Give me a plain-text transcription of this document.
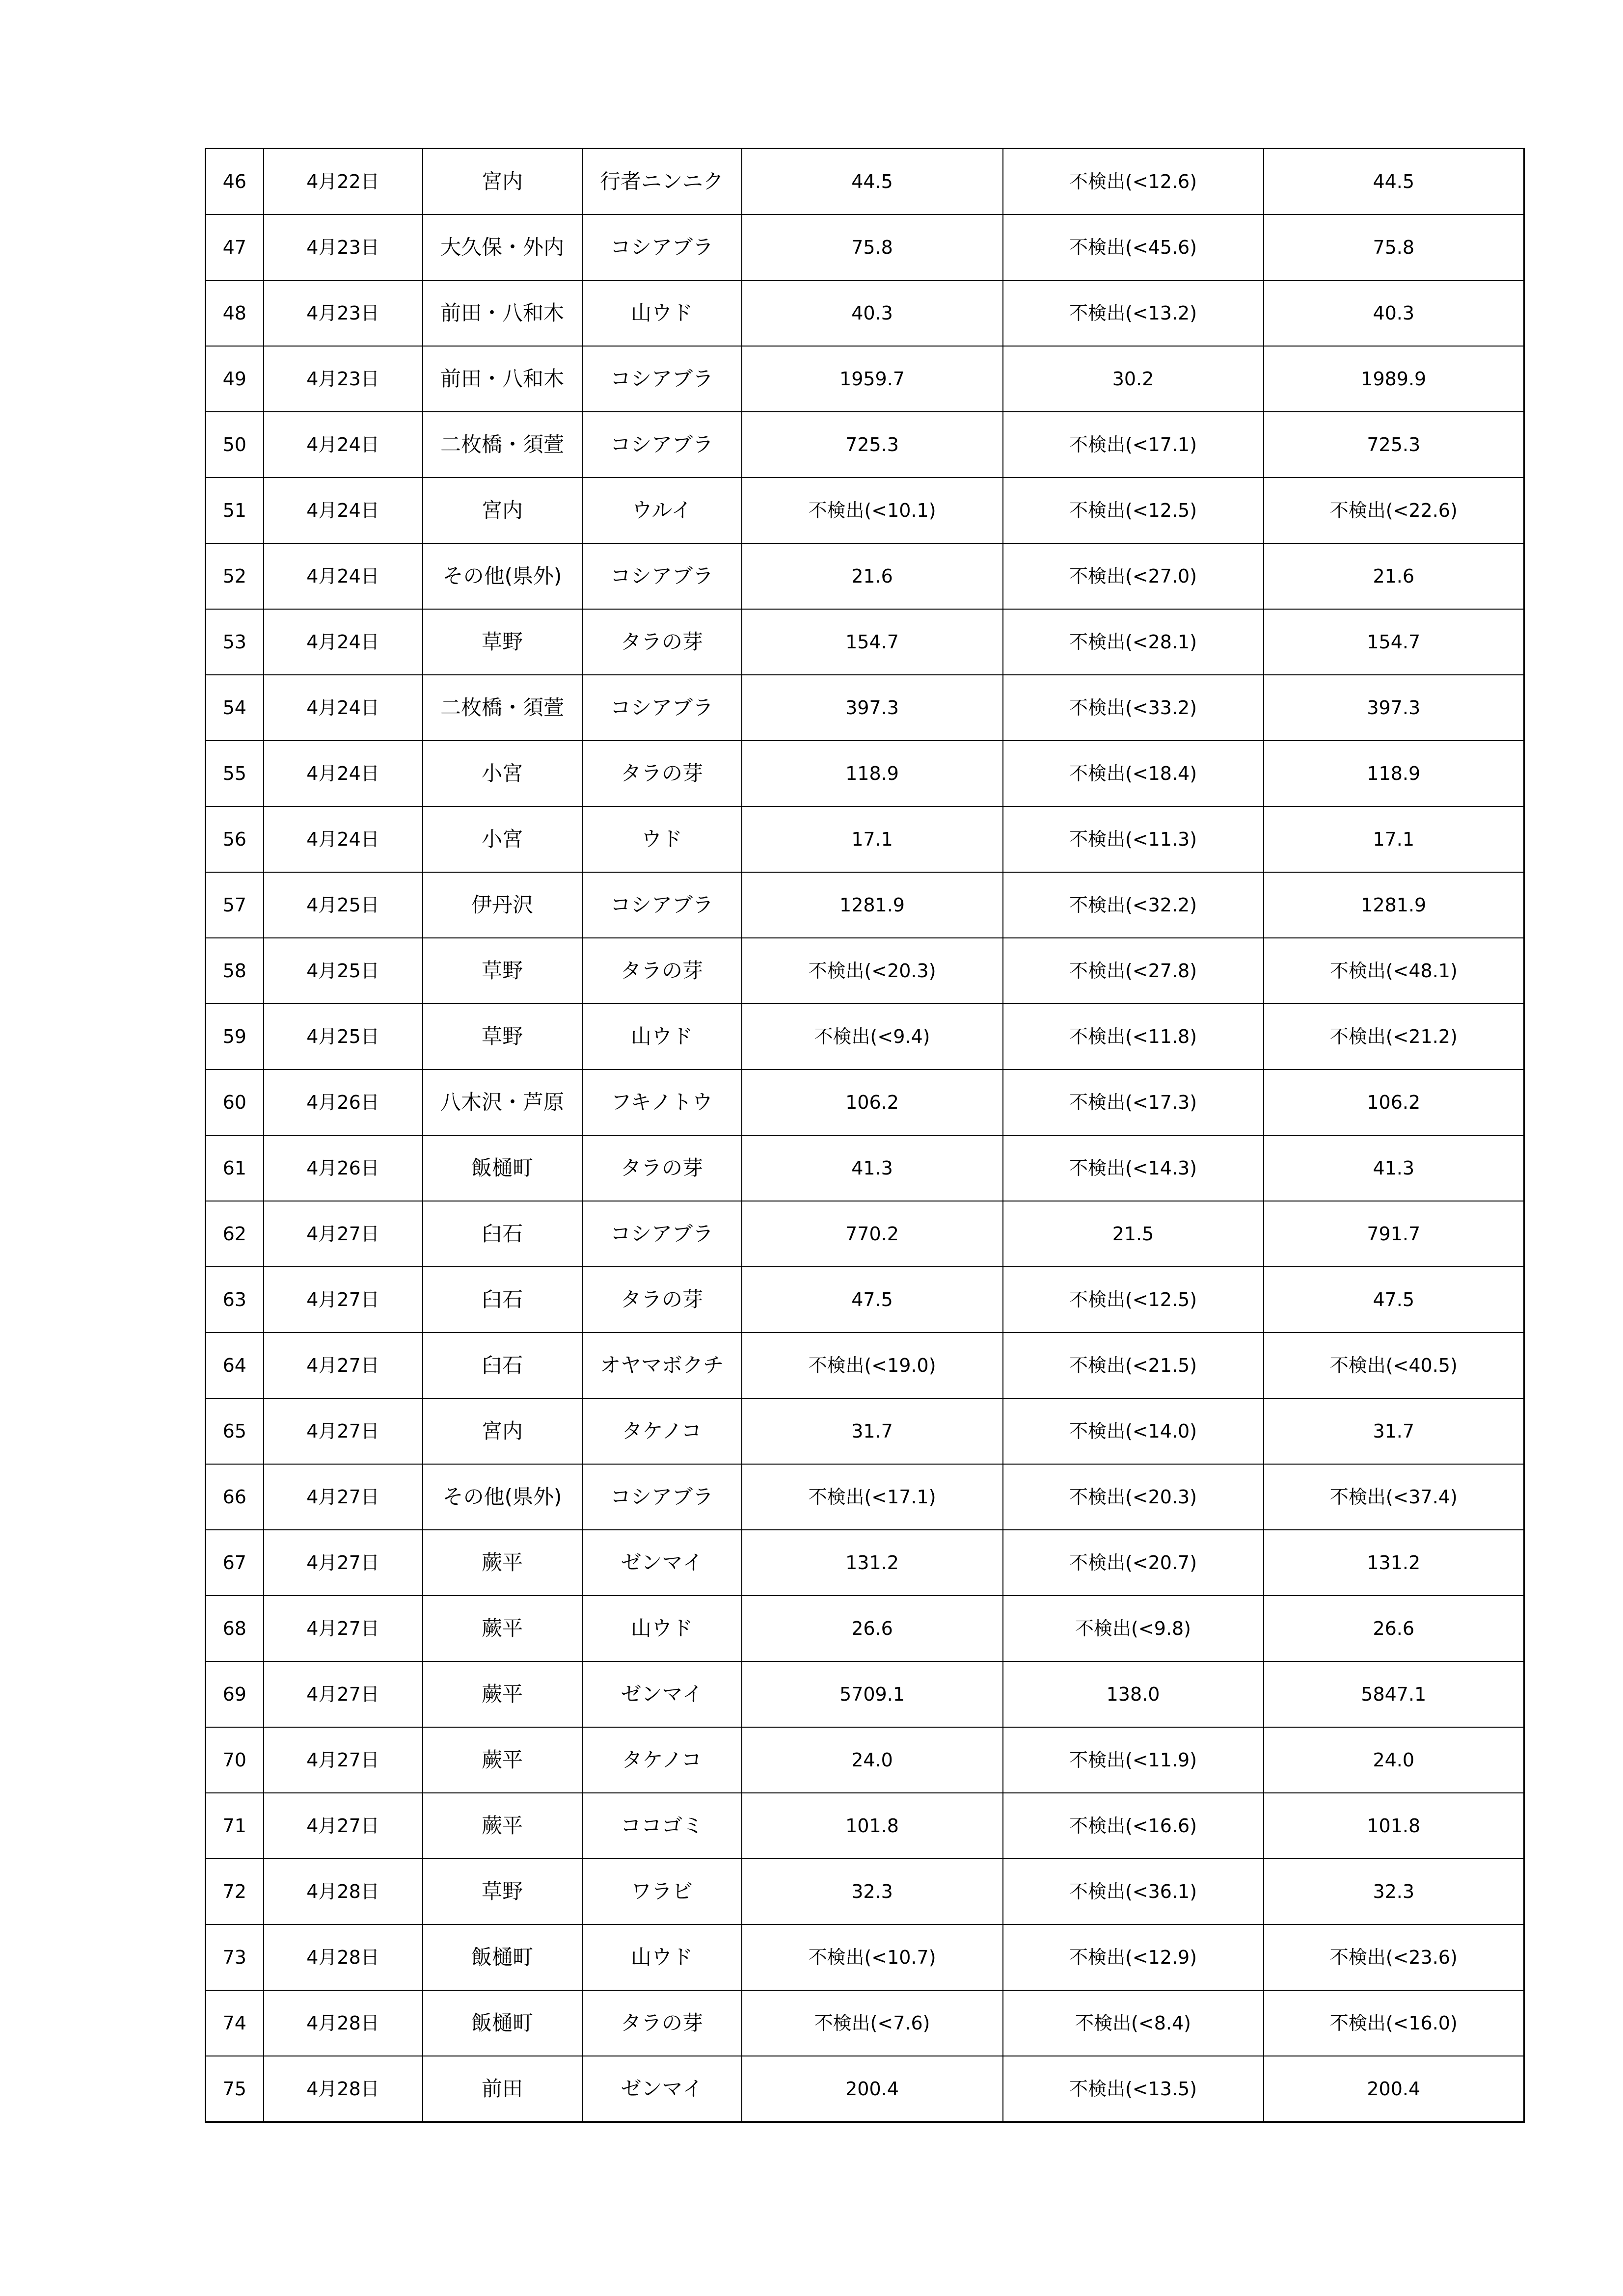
46	4月22日	宮内	行者ニンニク	44.5	不検出(<12.6)	44.5
47	4月23日	大久保・外内	コシアブラ	75.8	不検出(<45.6)	75.8
48	4月23日	前田・八和木	山ウド	40.3	不検出(<13.2)	40.3
49	4月23日	前田・八和木	コシアブラ	1959.7	30.2	1989.9
50	4月24日	二枚橋・須萱	コシアブラ	725.3	不検出(<17.1)	725.3
51	4月24日	宮内	ウルイ	不検出(<10.1)	不検出(<12.5)	不検出(<22.6)
52	4月24日	その他(県外)	コシアブラ	21.6	不検出(<27.0)	21.6
53	4月24日	草野	タラの芽	154.7	不検出(<28.1)	154.7
54	4月24日	二枚橋・須萱	コシアブラ	397.3	不検出(<33.2)	397.3
55	4月24日	小宮	タラの芽	118.9	不検出(<18.4)	118.9
56	4月24日	小宮	ウド	17.1	不検出(<11.3)	17.1
57	4月25日	伊丹沢	コシアブラ	1281.9	不検出(<32.2)	1281.9
58	4月25日	草野	タラの芽	不検出(<20.3)	不検出(<27.8)	不検出(<48.1)
59	4月25日	草野	山ウド	不検出(<9.4)	不検出(<11.8)	不検出(<21.2)
60	4月26日	八木沢・芦原	フキノトウ	106.2	不検出(<17.3)	106.2
61	4月26日	飯樋町	タラの芽	41.3	不検出(<14.3)	41.3
62	4月27日	臼石	コシアブラ	770.2	21.5	791.7
63	4月27日	臼石	タラの芽	47.5	不検出(<12.5)	47.5
64	4月27日	臼石	オヤマボクチ	不検出(<19.0)	不検出(<21.5)	不検出(<40.5)
65	4月27日	宮内	タケノコ	31.7	不検出(<14.0)	31.7
66	4月27日	その他(県外)	コシアブラ	不検出(<17.1)	不検出(<20.3)	不検出(<37.4)
67	4月27日	蕨平	ゼンマイ	131.2	不検出(<20.7)	131.2
68	4月27日	蕨平	山ウド	26.6	不検出(<9.8)	26.6
69	4月27日	蕨平	ゼンマイ	5709.1	138.0	5847.1
70	4月27日	蕨平	タケノコ	24.0	不検出(<11.9)	24.0
71	4月27日	蕨平	ココゴミ	101.8	不検出(<16.6)	101.8
72	4月28日	草野	ワラビ	32.3	不検出(<36.1)	32.3
73	4月28日	飯樋町	山ウド	不検出(<10.7)	不検出(<12.9)	不検出(<23.6)
74	4月28日	飯樋町	タラの芽	不検出(<7.6)	不検出(<8.4)	不検出(<16.0)
75	4月28日	前田	ゼンマイ	200.4	不検出(<13.5)	200.4
